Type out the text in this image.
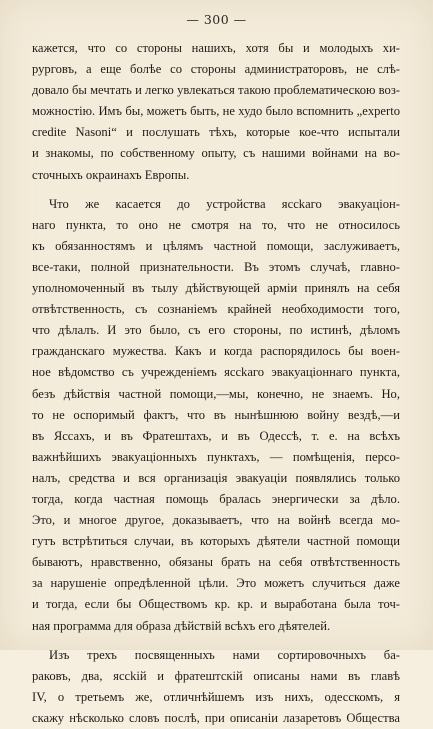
— 300 —
кажется, что со стороны нашихъ, хотя бы и молодыхъ хи-
рурговъ, а еще болѣе со стороны администраторовъ, не слѣ-
довало бы мечтать и легко увлекаться такою проблематическою воз-
можностію. Имъ бы, можетъ быть, не худо было вспомнить „experto
credite Nasoni“ и послушать тѣхъ, которые кое-что испытали
и знакомы, по собственному опыту, съ нашими войнами на во-
сточныхъ окраинахъ Европы.
Что же касается до устройства яссkаго эвакуаціон-
наго пункта, то оно не смотря на то, что не относилось
къ обязанностямъ и цѣлямъ частной помощи, заслуживаетъ,
все-таки, полной признательности. Въ этомъ случаѣ, главно-
уполномоченный въ тылу дѣйствующей арміи принялъ на себя
отвѣтственность, съ сознаніемъ крайней необходимости того,
что дѣлалъ. И это было, съ его стороны, по истинѣ, дѣломъ
гражданскаго мужества. Какъ и когда распорядилось бы воен-
ное вѣдомство съ учрежденіемъ яссkаго эвакуаціоннаго пункта,
безъ дѣйствія частной помощи,—мы, конечно, не знаемъ. Но,
то не оспоримый фактъ, что въ нынѣшнюю войну вездѣ,—и
въ Яссахъ, и въ Фратештахъ, и въ Одессѣ, т. е. на всѣхъ
важнѣйшихъ эвакуаціонныхъ пунктахъ, — помѣщенія, персо-
налъ, средства и вся организація эвакуаціи появлялись только
тогда, когда частная помощь бралась энергически за дѣло.
Это, и многое другое, доказываетъ, что на войнѣ всегда мо-
гутъ встрѣтиться случаи, въ которыхъ дѣятели частной помощи
бываютъ, нравственно, обязаны брать на себя отвѣтственность
за нарушеніе опредѣленной цѣли. Это можетъ случиться даже
и тогда, если бы Обществомъ кр. кр. и выработана была точ-
ная программа для образа дѣйствій всѣхъ его дѣятелей.
Изъ трехъ посвященныхъ нами сортировочныхъ ба-
раковъ, два, яссkій и фратештскій описаны нами въ главѣ
IV, о третьемъ же, отличнѣйшемъ изъ нихъ, одесскомъ, я
скажу нѣсколько словъ послѣ, при описаніи лазаретовъ Общества
